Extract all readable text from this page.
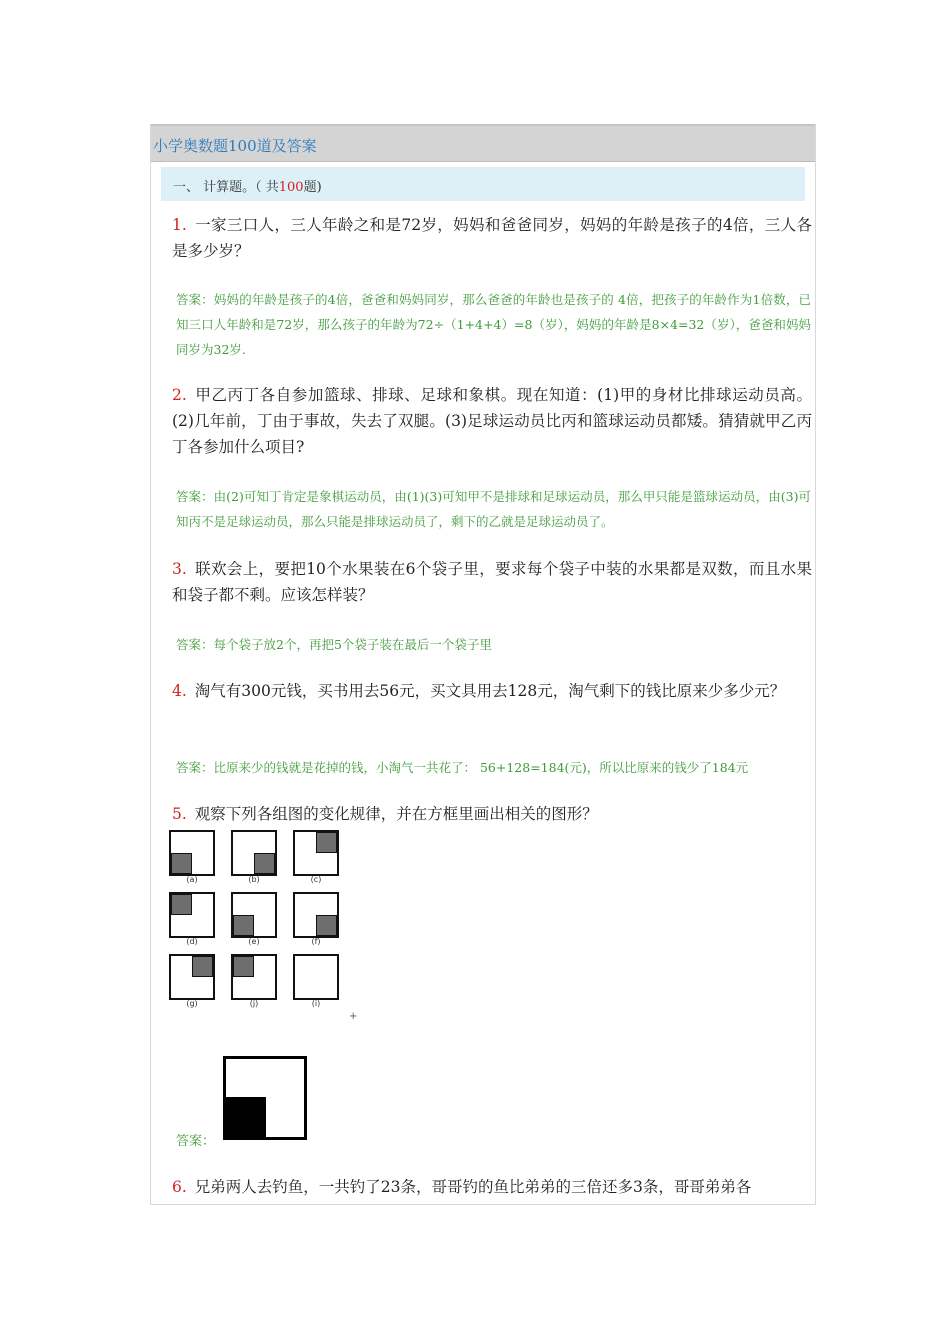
小学奥数题100道及答案
一、 计算题。（ 共100题)

1. 一家三口人，三人年龄之和是72岁，妈妈和爸爸同岁，妈妈的年龄是孩子的4倍，三人各是多少岁？

答案：妈妈的年龄是孩子的4倍，爸爸和妈妈同岁，那么爸爸的年龄也是孩子的 4倍，把孩子的年龄作为1倍数，已知三口人年龄和是72岁，那么孩子的年龄为72÷（1+4+4）=8（岁），妈妈的年龄是8×4=32（岁），爸爸和妈妈同岁为32岁.

2. 甲乙丙丁各自参加篮球、排球、足球和象棋。现在知道：(1)甲的身材比排球运动员高。(2)几年前，丁由于事故，失去了双腿。(3)足球运动员比丙和篮球运动员都矮。猜猜就甲乙丙丁各参加什么项目?

答案：由(2)可知丁肯定是象棋运动员，由(1)(3)可知甲不是排球和足球运动员，那么甲只能是篮球运动员，由(3)可知丙不是足球运动员，那么只能是排球运动员了，剩下的乙就是足球运动员了。

3. 联欢会上，要把10个水果装在6个袋子里，要求每个袋子中装的水果都是双数，而且水果和袋子都不剩。应该怎样装？

答案：每个袋子放2个，再把5个袋子装在最后一个袋子里

4. 淘气有300元钱，买书用去56元，买文具用去128元，淘气剩下的钱比原来少多少元？

答案：比原来少的钱就是花掉的钱，小淘气一共花了： 56+128=184(元)，所以比原来的钱少了184元

5. 观察下列各组图的变化规律，并在方框里画出相关的图形？

(a)	(b)	(c)
(d)	(e)	(f)
(g)	(j)	(i)
+
答案：

6. 兄弟两人去钓鱼，一共钓了23条，哥哥钓的鱼比弟弟的三倍还多3条，哥哥弟弟各
